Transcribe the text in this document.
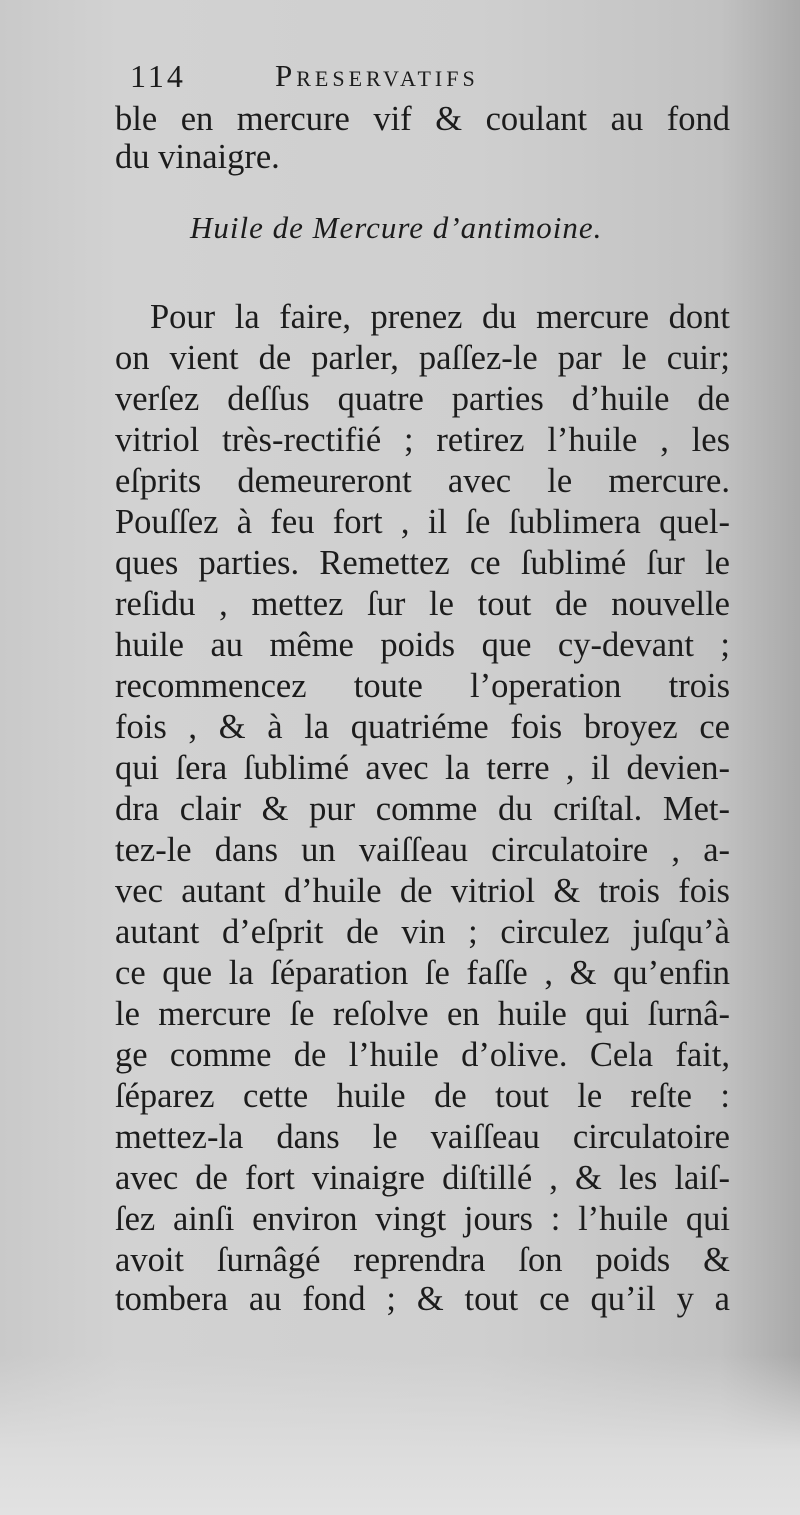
114	Preservatifs
ble en mercure vif & coulant au fond
du vinaigre.
Huile de Mercure d’antimoine.
Pour la faire, prenez du mercure dont
on vient de parler, paſſez-le par le cuir;
verſez deſſus quatre parties d’huile de
vitriol très-rectifié ; retirez l’huile , les
eſprits demeureront avec le mercure.
Pouſſez à feu fort , il ſe ſublimera quel-
ques parties. Remettez ce ſublimé ſur le
reſidu , mettez ſur le tout de nouvelle
huile au même poids que cy-devant ;
recommencez toute l’operation trois
fois , & à la quatriéme fois broyez ce
qui ſera ſublimé avec la terre , il devien-
dra clair & pur comme du criſtal. Met-
tez-le dans un vaiſſeau circulatoire , a-
vec autant d’huile de vitriol & trois fois
autant d’eſprit de vin ; circulez juſqu’à
ce que la ſéparation ſe faſſe , & qu’enfin
le mercure ſe reſolve en huile qui ſurnâ-
ge comme de l’huile d’olive. Cela fait,
ſéparez cette huile de tout le reſte :
mettez-la dans le vaiſſeau circulatoire
avec de fort vinaigre diſtillé , & les laiſ-
ſez ainſi environ vingt jours : l’huile qui
avoit ſurnâgé reprendra ſon poids &
tombera au fond ; & tout ce qu’il y a
